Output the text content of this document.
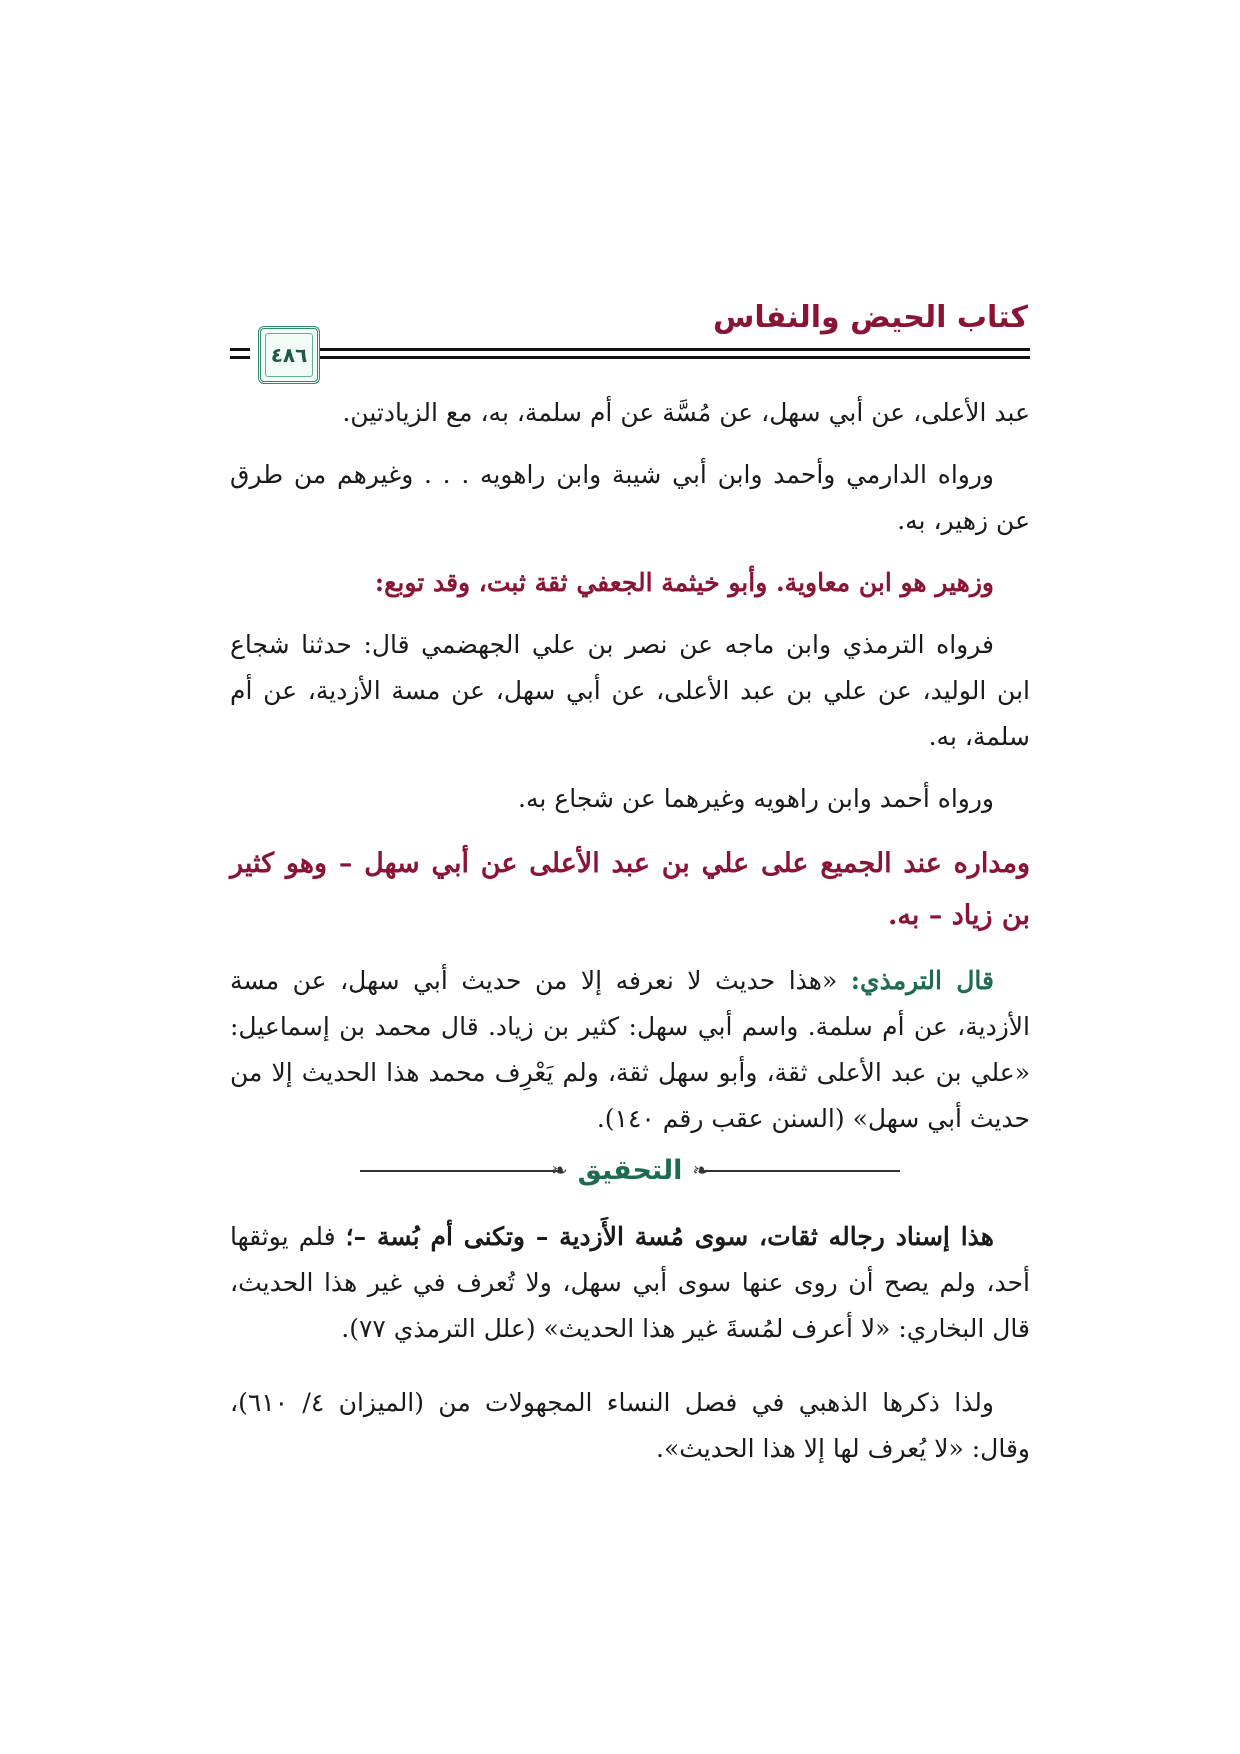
كتاب الحيض والنفاس
٤٨٦

عبد الأعلى، عن أبي سهل، عن مُسَّة عن أم سلمة، به، مع الزيادتين.

ورواه الدارمي وأحمد وابن أبي شيبة وابن راهويه . . . وغيرهم من طرق عن زهير، به.

وزهير هو ابن معاوية. وأبو خيثمة الجعفي ثقة ثبت، وقد توبع:

فرواه الترمذي وابن ماجه عن نصر بن علي الجهضمي قال: حدثنا شجاع ابن الوليد، عن علي بن عبد الأعلى، عن أبي سهل، عن مسة الأزدية، عن أم سلمة، به.

ورواه أحمد وابن راهويه وغيرهما عن شجاع به.

ومداره عند الجميع على علي بن عبد الأعلى عن أبي سهل – وهو كثير بن زياد – به.

قال الترمذي: «هذا حديث لا نعرفه إلا من حديث أبي سهل، عن مسة الأزدية، عن أم سلمة. واسم أبي سهل: كثير بن زياد. قال محمد بن إسماعيل: «علي بن عبد الأعلى ثقة، وأبو سهل ثقة، ولم يَعْرِف محمد هذا الحديث إلا من حديث أبي سهل» (السنن عقب رقم ١٤٠).

❧
التحقيق
❧

هذا إسناد رجاله ثقات، سوى مُسة الأَزدية – وتكنى أم بُسة –؛ فلم يوثقها أحد، ولم يصح أن روى عنها سوى أبي سهل، ولا تُعرف في غير هذا الحديث، قال البخاري: «لا أعرف لمُسةَ غير هذا الحديث» (علل الترمذي ٧٧).

ولذا ذكرها الذهبي في فصل النساء المجهولات من (الميزان ٤/ ٦١٠)، وقال: «لا يُعرف لها إلا هذا الحديث».
